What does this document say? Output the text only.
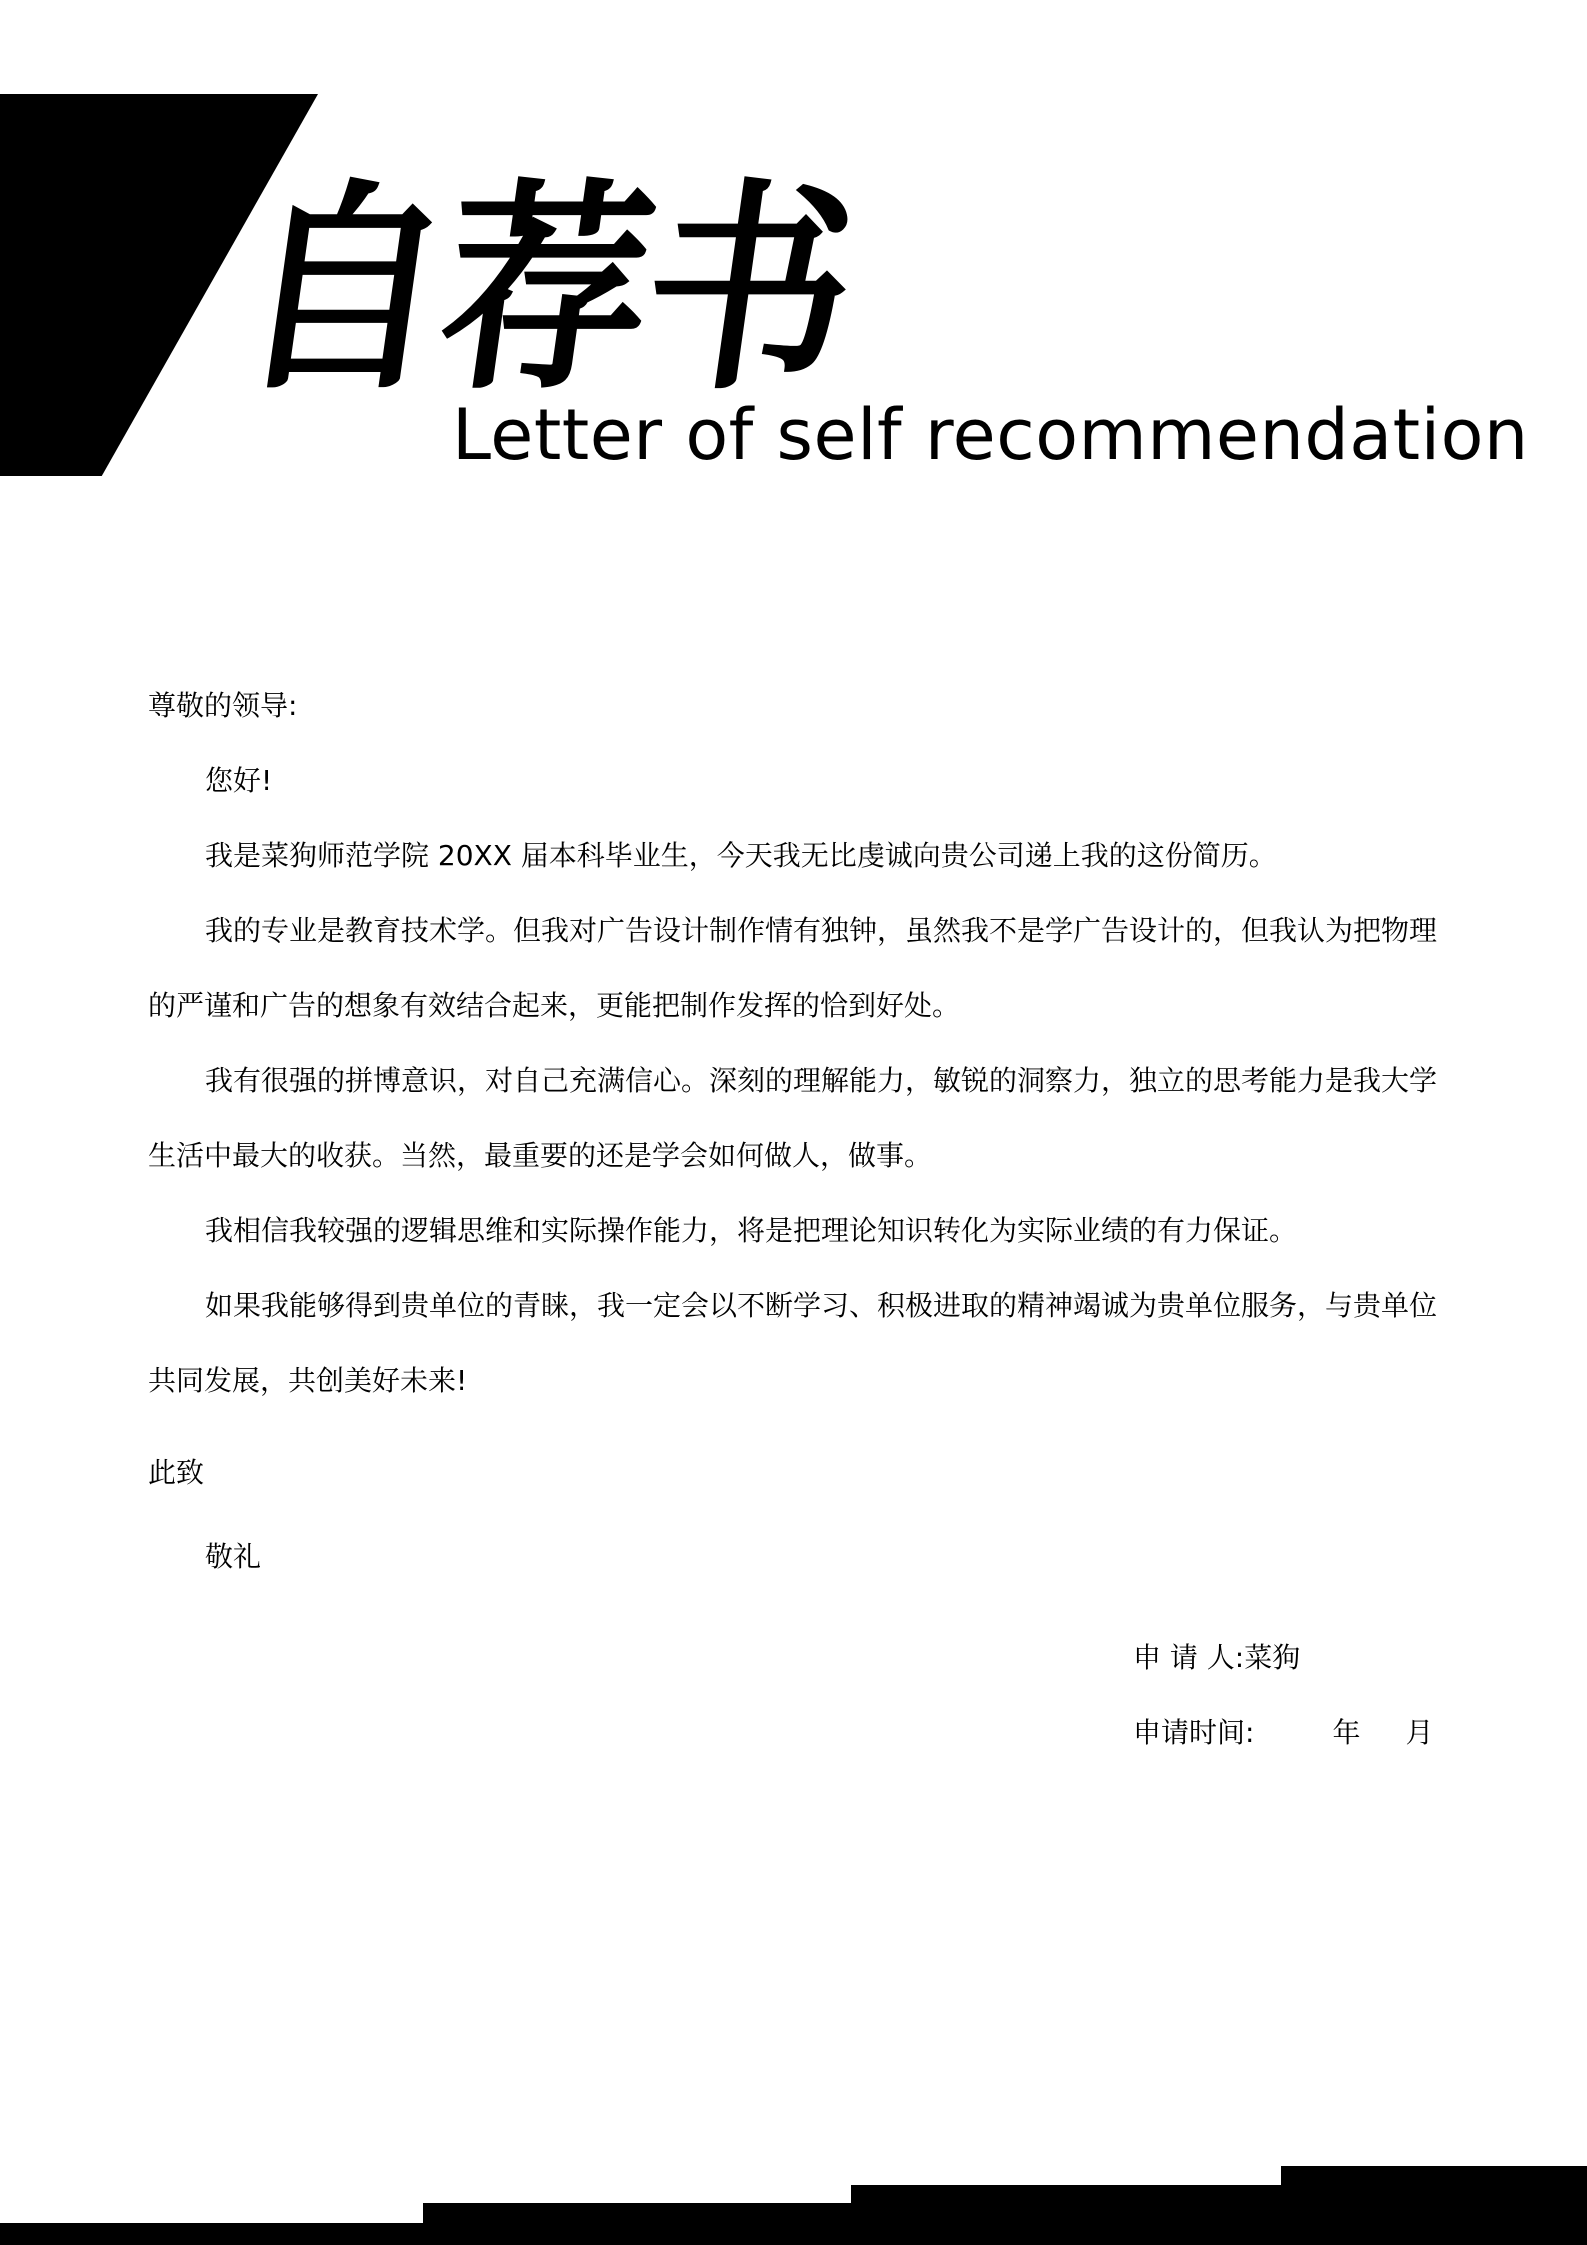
自荐书
Letter of self recommendation

尊敬的领导:

您好!

我是菜狗师范学院 20XX 届本科毕业生，今天我无比虔诚向贵公司递上我的这份简历。

我的专业是教育技术学。但我对广告设计制作情有独钟，虽然我不是学广告设计的，但我认为把物理的严谨和广告的想象有效结合起来，更能把制作发挥的恰到好处。

我有很强的拼博意识，对自己充满信心。深刻的理解能力，敏锐的洞察力，独立的思考能力是我大学生活中最大的收获。当然，最重要的还是学会如何做人，做事。

我相信我较强的逻辑思维和实际操作能力，将是把理论知识转化为实际业绩的有力保证。

如果我能够得到贵单位的青睐，我一定会以不断学习、积极进取的精神竭诚为贵单位服务，与贵单位共同发展，共创美好未来!

此致

敬礼

申 请 人:菜狗
申请时间:	年 月
